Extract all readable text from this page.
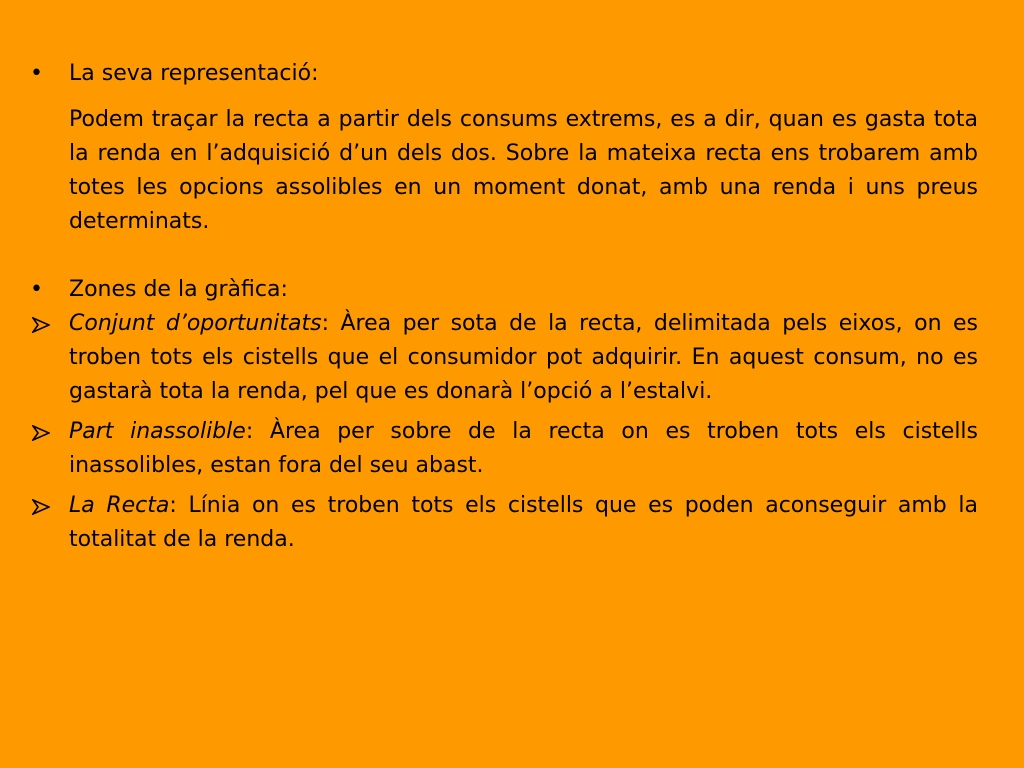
•	La seva representació:
Podem traçar la recta a partir dels consums extrems, es a dir, quan es gasta tota la renda en l’adquisició d’un dels dos. Sobre la mateixa recta ens trobarem amb totes les opcions assolibles en un moment donat, amb una renda i uns preus determinats.
•	Zones de la gràfica:
Conjunt d’oportunitats: Àrea per sota de la recta, delimitada pels eixos, on es troben tots els cistells que el consumidor pot adquirir. En aquest consum, no es gastarà tota la renda, pel que es donarà l’opció a l’estalvi.
Part inassolible: Àrea per sobre de la recta on es troben tots els cistells inassolibles, estan fora del seu abast.
La Recta: Línia on es troben tots els cistells que es poden aconseguir amb la totalitat de la renda.
